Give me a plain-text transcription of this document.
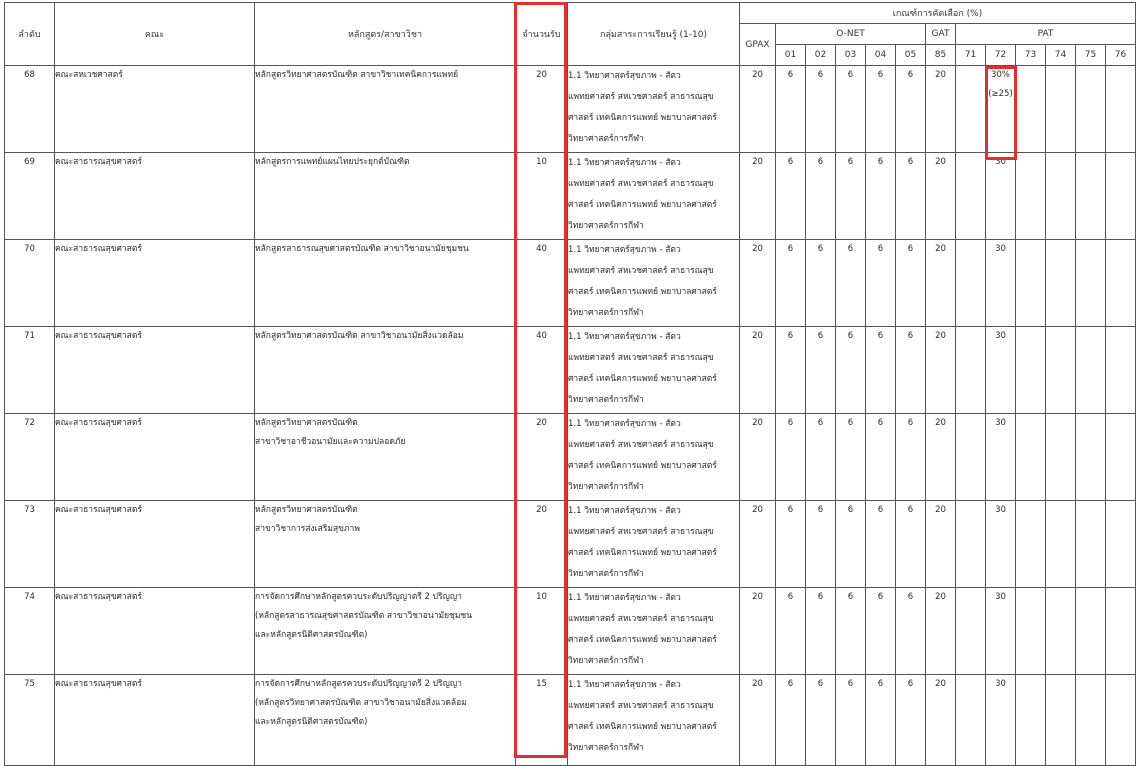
ลำดับ	คณะ	หลักสูตร/สาขาวิชา	จำนวนรับ	กลุ่มสาระการเรียนรู้ (1-10)	เกณฑ์การคัดเลือก (%)												
					GPAX	O-NET					GAT	PAT					
						01	02	03	04	05	85	71	72	73	74	75	76
68	คณะสหเวชศาสตร์	หลักสูตรวิทยาศาสตรบัณฑิต สาขาวิชาเทคนิคการแพทย์	20	1.1 วิทยาศาสตร์สุขภาพ - สัตว
แพทยศาสตร์ สหเวชศาสตร์ สาธารณสุข
ศาสตร์ เทคนิคการแพทย์ พยาบาลศาสตร์
วิทยาศาสตร์การกีฬา	20	6	6	6	6	6	20		30%
(≥25)				

69	คณะสาธารณสุขศาสตร์	หลักสูตรการแพทย์แผนไทยประยุกต์บัณฑิต	10	1.1 วิทยาศาสตร์สุขภาพ - สัตว
แพทยศาสตร์ สหเวชศาสตร์ สาธารณสุข
ศาสตร์ เทคนิคการแพทย์ พยาบาลศาสตร์
วิทยาศาสตร์การกีฬา	20	6	6	6	6	6	20		30				

70	คณะสาธารณสุขศาสตร์	หลักสูตรสาธารณสุขศาสตรบัณฑิต สาขาวิชาอนามัยชุมชน	40	1.1 วิทยาศาสตร์สุขภาพ - สัตว
แพทยศาสตร์ สหเวชศาสตร์ สาธารณสุข
ศาสตร์ เทคนิคการแพทย์ พยาบาลศาสตร์
วิทยาศาสตร์การกีฬา	20	6	6	6	6	6	20		30				

71	คณะสาธารณสุขศาสตร์	หลักสูตรวิทยาศาสตรบัณฑิต สาขาวิชาอนามัยสิ่งแวดล้อม	40	1.1 วิทยาศาสตร์สุขภาพ - สัตว
แพทยศาสตร์ สหเวชศาสตร์ สาธารณสุข
ศาสตร์ เทคนิคการแพทย์ พยาบาลศาสตร์
วิทยาศาสตร์การกีฬา	20	6	6	6	6	6	20		30				

72	คณะสาธารณสุขศาสตร์	หลักสูตรวิทยาศาสตรบัณฑิต
สาขาวิชาอาชีวอนามัยและความปลอดภัย	20	1.1 วิทยาศาสตร์สุขภาพ - สัตว
แพทยศาสตร์ สหเวชศาสตร์ สาธารณสุข
ศาสตร์ เทคนิคการแพทย์ พยาบาลศาสตร์
วิทยาศาสตร์การกีฬา	20	6	6	6	6	6	20		30				

73	คณะสาธารณสุขศาสตร์	หลักสูตรวิทยาศาสตรบัณฑิต
สาขาวิชาการส่งเสริมสุขภาพ	20	1.1 วิทยาศาสตร์สุขภาพ - สัตว
แพทยศาสตร์ สหเวชศาสตร์ สาธารณสุข
ศาสตร์ เทคนิคการแพทย์ พยาบาลศาสตร์
วิทยาศาสตร์การกีฬา	20	6	6	6	6	6	20		30				

74	คณะสาธารณสุขศาสตร์	การจัดการศึกษาหลักสูตรควบระดับปริญญาตรี 2 ปริญญา
(หลักสูตรสาธารณสุขศาสตรบัณฑิต สาขาวิชาอนามัยชุมชน
และหลักสูตรนิติศาสตรบัณฑิต)	10	1.1 วิทยาศาสตร์สุขภาพ - สัตว
แพทยศาสตร์ สหเวชศาสตร์ สาธารณสุข
ศาสตร์ เทคนิคการแพทย์ พยาบาลศาสตร์
วิทยาศาสตร์การกีฬา	20	6	6	6	6	6	20		30				

75	คณะสาธารณสุขศาสตร์	การจัดการศึกษาหลักสูตรควบระดับปริญญาตรี 2 ปริญญา
(หลักสูตรวิทยาศาสตรบัณฑิต สาขาวิชาอนามัยสิ่งแวดล้อม
และหลักสูตรนิติศาสตรบัณฑิต)	15	1.1 วิทยาศาสตร์สุขภาพ - สัตว
แพทยศาสตร์ สหเวชศาสตร์ สาธารณสุข
ศาสตร์ เทคนิคการแพทย์ พยาบาลศาสตร์
วิทยาศาสตร์การกีฬา	20	6	6	6	6	6	20		30				
